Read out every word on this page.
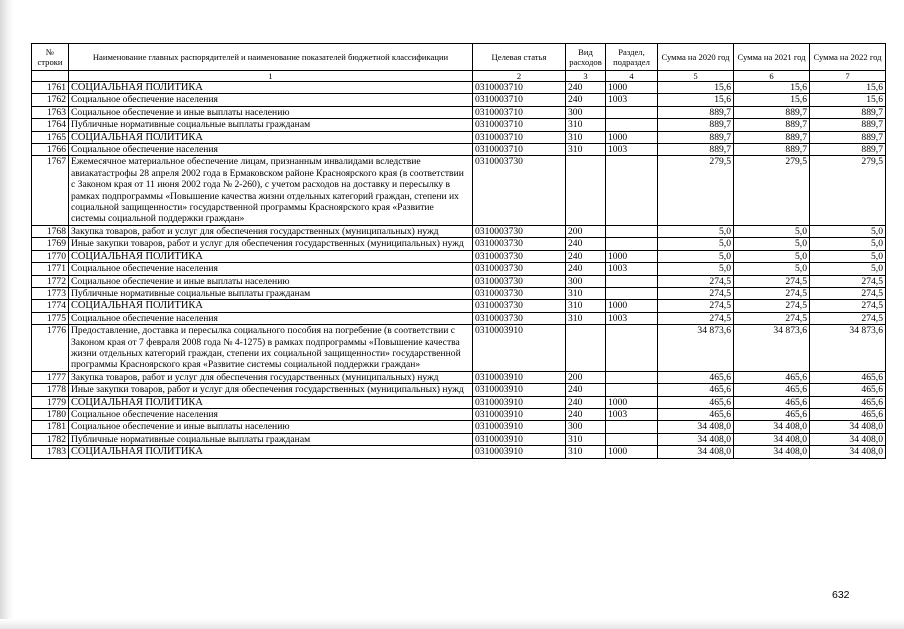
№ строки	Наименование главных распорядителей и наименование показателей бюджетной классификации	Целевая статья	Вид расходов	Раздел, подраздел	Сумма на 2020 год	Сумма на 2021 год	Сумма на 2022 год
	1	2	3	4	5	6	7
1761	СОЦИАЛЬНАЯ ПОЛИТИКА	0310003710	240	1000	15,6	15,6	15,6
1762	Социальное обеспечение населения	0310003710	240	1003	15,6	15,6	15,6
1763	Социальное обеспечение и иные выплаты населению	0310003710	300		889,7	889,7	889,7
1764	Публичные нормативные социальные выплаты гражданам	0310003710	310		889,7	889,7	889,7
1765	СОЦИАЛЬНАЯ ПОЛИТИКА	0310003710	310	1000	889,7	889,7	889,7
1766	Социальное обеспечение населения	0310003710	310	1003	889,7	889,7	889,7
1767	Ежемесячное материальное обеспечение лицам, признанным инвалидами вследствие авиакатастрофы 28 апреля 2002 года в Ермаковском районе Красноярского края (в соответствии с Законом края от 11 июня 2002 года № 2-260), с учетом расходов на доставку и пересылку в рамках подпрограммы «Повышение качества жизни отдельных категорий граждан, степени их социальной защищенности» государственной программы Красноярского края «Развитие системы социальной поддержки граждан»	0310003730			279,5	279,5	279,5
1768	Закупка товаров, работ и услуг для обеспечения государственных (муниципальных) нужд	0310003730	200		5,0	5,0	5,0
1769	Иные закупки товаров, работ и услуг для обеспечения государственных (муниципальных) нужд	0310003730	240		5,0	5,0	5,0
1770	СОЦИАЛЬНАЯ ПОЛИТИКА	0310003730	240	1000	5,0	5,0	5,0
1771	Социальное обеспечение населения	0310003730	240	1003	5,0	5,0	5,0
1772	Социальное обеспечение и иные выплаты населению	0310003730	300		274,5	274,5	274,5
1773	Публичные нормативные социальные выплаты гражданам	0310003730	310		274,5	274,5	274,5
1774	СОЦИАЛЬНАЯ ПОЛИТИКА	0310003730	310	1000	274,5	274,5	274,5
1775	Социальное обеспечение населения	0310003730	310	1003	274,5	274,5	274,5
1776	Предоставление, доставка и пересылка социального пособия на погребение (в соответствии с Законом края от 7 февраля 2008 года № 4-1275) в рамках подпрограммы «Повышение качества жизни отдельных категорий граждан, степени их социальной защищенности» государственной программы Красноярского края «Развитие системы социальной поддержки граждан»	0310003910			34 873,6	34 873,6	34 873,6
1777	Закупка товаров, работ и услуг для обеспечения государственных (муниципальных) нужд	0310003910	200		465,6	465,6	465,6
1778	Иные закупки товаров, работ и услуг для обеспечения государственных (муниципальных) нужд	0310003910	240		465,6	465,6	465,6
1779	СОЦИАЛЬНАЯ ПОЛИТИКА	0310003910	240	1000	465,6	465,6	465,6
1780	Социальное обеспечение населения	0310003910	240	1003	465,6	465,6	465,6
1781	Социальное обеспечение и иные выплаты населению	0310003910	300		34 408,0	34 408,0	34 408,0
1782	Публичные нормативные социальные выплаты гражданам	0310003910	310		34 408,0	34 408,0	34 408,0
1783	СОЦИАЛЬНАЯ ПОЛИТИКА	0310003910	310	1000	34 408,0	34 408,0	34 408,0
632
